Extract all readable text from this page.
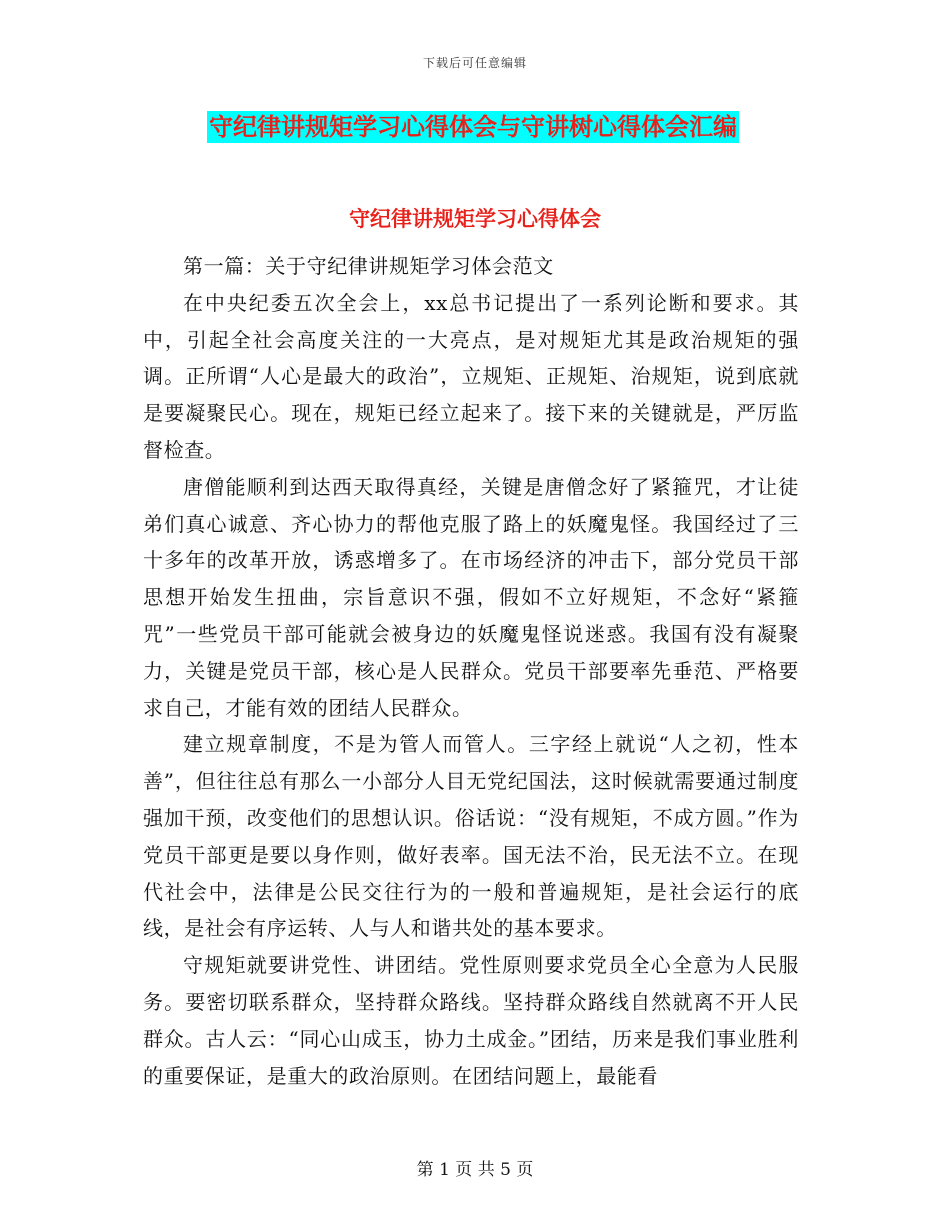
下载后可任意编辑
守纪律讲规矩学习心得体会与守讲树心得体会汇编
守纪律讲规矩学习心得体会

第一篇：关于守纪律讲规矩学习体会范文

在中央纪委五次全会上，xx总书记提出了一系列论断和要求。其中，引起全社会高度关注的一大亮点，是对规矩尤其是政治规矩的强调。正所谓“人心是最大的政治”，立规矩、正规矩、治规矩，说到底就是要凝聚民心。现在，规矩已经立起来了。接下来的关键就是，严厉监督检查。

唐僧能顺利到达西天取得真经，关键是唐僧念好了紧箍咒，才让徒弟们真心诚意、齐心协力的帮他克服了路上的妖魔鬼怪。我国经过了三十多年的改革开放，诱惑增多了。在市场经济的冲击下，部分党员干部思想开始发生扭曲，宗旨意识不强，假如不立好规矩，不念好“紧箍咒”一些党员干部可能就会被身边的妖魔鬼怪说迷惑。我国有没有凝聚力，关键是党员干部，核心是人民群众。党员干部要率先垂范、严格要求自己，才能有效的团结人民群众。

建立规章制度，不是为管人而管人。三字经上就说“人之初，性本善”，但往往总有那么一小部分人目无党纪国法，这时候就需要通过制度强加干预，改变他们的思想认识。俗话说：“没有规矩，不成方圆。”作为党员干部更是要以身作则，做好表率。国无法不治，民无法不立。在现代社会中，法律是公民交往行为的一般和普遍规矩，是社会运行的底线，是社会有序运转、人与人和谐共处的基本要求。

守规矩就要讲党性、讲团结。党性原则要求党员全心全意为人民服务。要密切联系群众，坚持群众路线。坚持群众路线自然就离不开人民群众。古人云：“同心山成玉，协力土成金。”团结，历来是我们事业胜利的重要保证，是重大的政治原则。在团结问题上，最能看

第 1 页 共 5 页
